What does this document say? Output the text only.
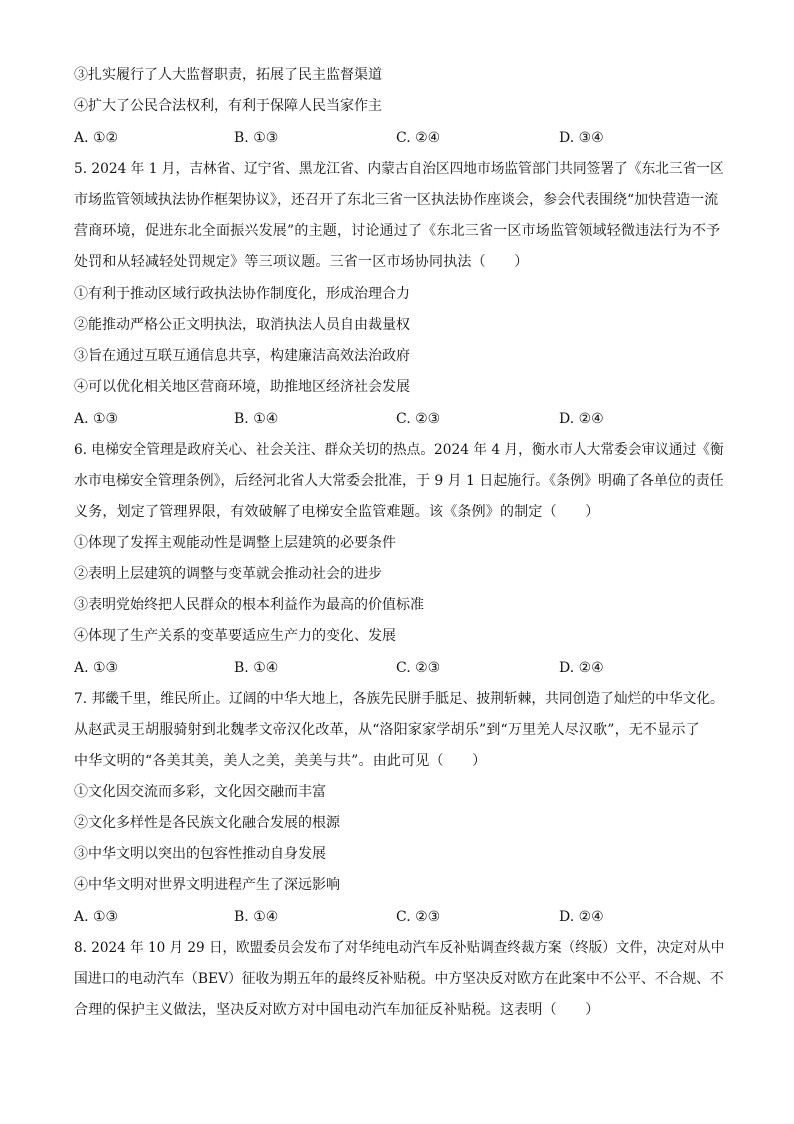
③扎实履行了人大监督职责，拓展了民主监督渠道
④扩大了公民合法权利，有利于保障人民当家作主
A. ①②	B. ①③	C. ②④	D. ③④
5. 2024 年 1 月，吉林省、辽宁省、黑龙江省、内蒙古自治区四地市场监管部门共同签署了《东北三省一区
市场监管领域执法协作框架协议》，还召开了东北三省一区执法协作座谈会，参会代表围绕“加快营造一流
营商环境，促进东北全面振兴发展”的主题，讨论通过了《东北三省一区市场监管领域轻微违法行为不予
处罚和从轻减轻处罚规定》等三项议题。三省一区市场协同执法（　　）
①有利于推动区域行政执法协作制度化，形成治理合力
②能推动严格公正文明执法，取消执法人员自由裁量权
③旨在通过互联互通信息共享，构建廉洁高效法治政府
④可以优化相关地区营商环境，助推地区经济社会发展
A. ①③	B. ①④	C. ②③	D. ②④
6. 电梯安全管理是政府关心、社会关注、群众关切的热点。2024 年 4 月，衡水市人大常委会审议通过《衡
水市电梯安全管理条例》，后经河北省人大常委会批准，于 9 月 1 日起施行。《条例》明确了各单位的责任
义务，划定了管理界限，有效破解了电梯安全监管难题。该《条例》的制定（　　）
①体现了发挥主观能动性是调整上层建筑的必要条件
②表明上层建筑的调整与变革就会推动社会的进步
③表明党始终把人民群众的根本利益作为最高的价值标准
④体现了生产关系的变革要适应生产力的变化、发展
A. ①③	B. ①④	C. ②③	D. ②④
7. 邦畿千里，维民所止。辽阔的中华大地上，各族先民胼手胝足、披荆斩棘，共同创造了灿烂的中华文化。
从赵武灵王胡服骑射到北魏孝文帝汉化改革，从“洛阳家家学胡乐”到“万里羌人尽汉歌”，无不显示了
中华文明的“各美其美，美人之美，美美与共”。由此可见（　　）
①文化因交流而多彩，文化因交融而丰富
②文化多样性是各民族文化融合发展的根源
③中华文明以突出的包容性推动自身发展
④中华文明对世界文明进程产生了深远影响
A. ①③	B. ①④	C. ②③	D. ②④
8. 2024 年 10 月 29 日，欧盟委员会发布了对华纯电动汽车反补贴调查终裁方案（终版）文件，决定对从中
国进口的电动汽车（BEV）征收为期五年的最终反补贴税。中方坚决反对欧方在此案中不公平、不合规、不
合理的保护主义做法，坚决反对欧方对中国电动汽车加征反补贴税。这表明（　　）
